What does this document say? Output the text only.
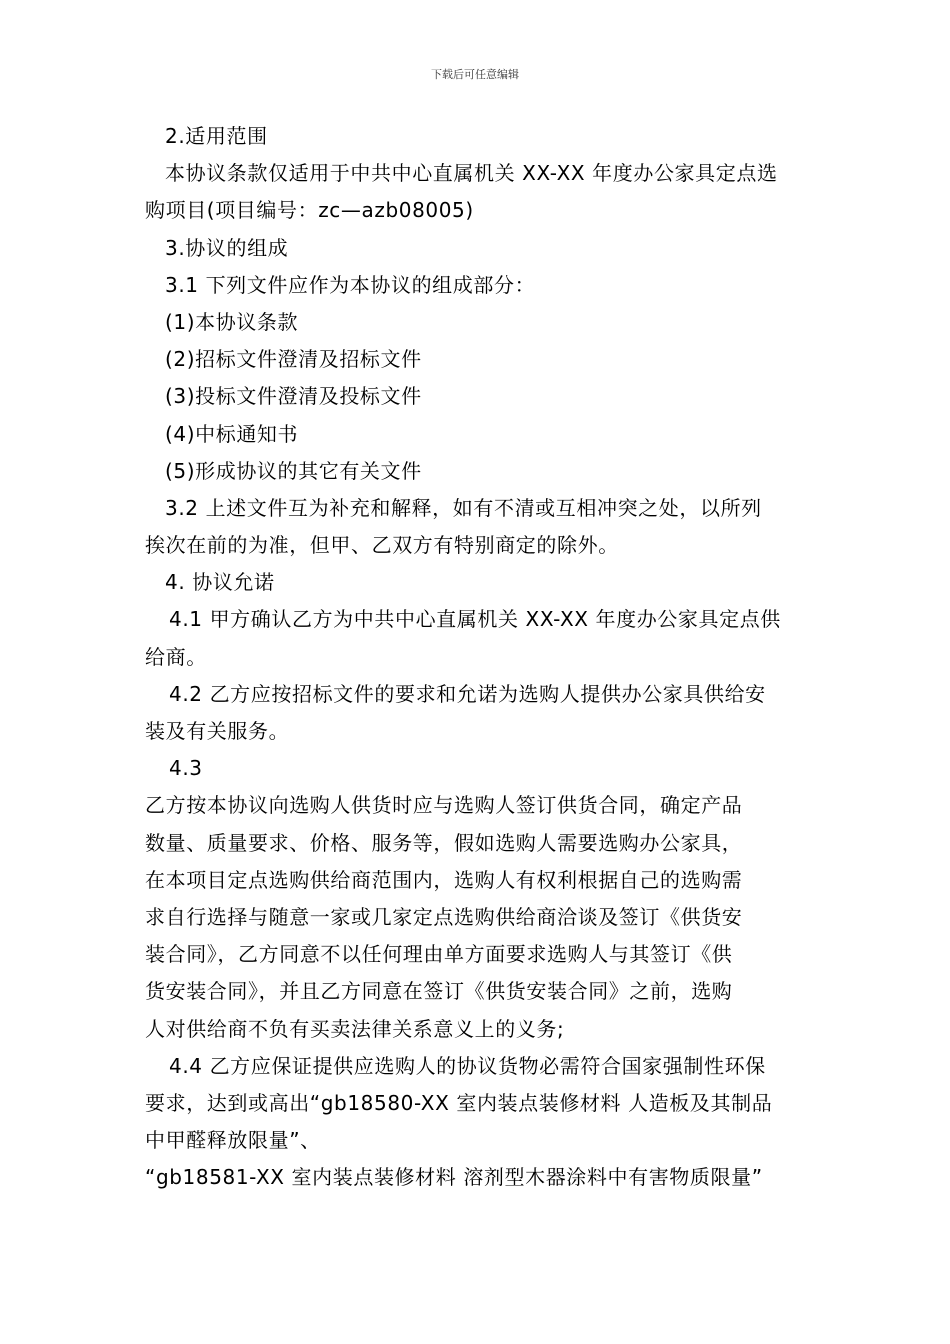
下载后可任意编辑
2.适用范围
本协议条款仅适用于中共中心直属机关 XX-XX 年度办公家具定点选
购项目(项目编号：zc—azb08005)
3.协议的组成
3.1 下列文件应作为本协议的组成部分：
(1)本协议条款
(2)招标文件澄清及招标文件
(3)投标文件澄清及投标文件
(4)中标通知书
(5)形成协议的其它有关文件
3.2 上述文件互为补充和解释，如有不清或互相冲突之处，以所列
挨次在前的为准，但甲、乙双方有特别商定的除外。
4. 协议允诺
4.1 甲方确认乙方为中共中心直属机关 XX-XX 年度办公家具定点供
给商。
4.2 乙方应按招标文件的要求和允诺为选购人提供办公家具供给安
装及有关服务。
4.3
乙方按本协议向选购人供货时应与选购人签订供货合同，确定产品
数量、质量要求、价格、服务等，假如选购人需要选购办公家具，
在本项目定点选购供给商范围内，选购人有权利根据自己的选购需
求自行选择与随意一家或几家定点选购供给商洽谈及签订《供货安
装合同》，乙方同意不以任何理由单方面要求选购人与其签订《供
货安装合同》，并且乙方同意在签订《供货安装合同》之前，选购
人对供给商不负有买卖法律关系意义上的义务;
4.4 乙方应保证提供应选购人的协议货物必需符合国家强制性环保
要求，达到或高出“gb18580-XX 室内装点装修材料 人造板及其制品
中甲醛释放限量”、
“gb18581-XX 室内装点装修材料 溶剂型木器涂料中有害物质限量”
